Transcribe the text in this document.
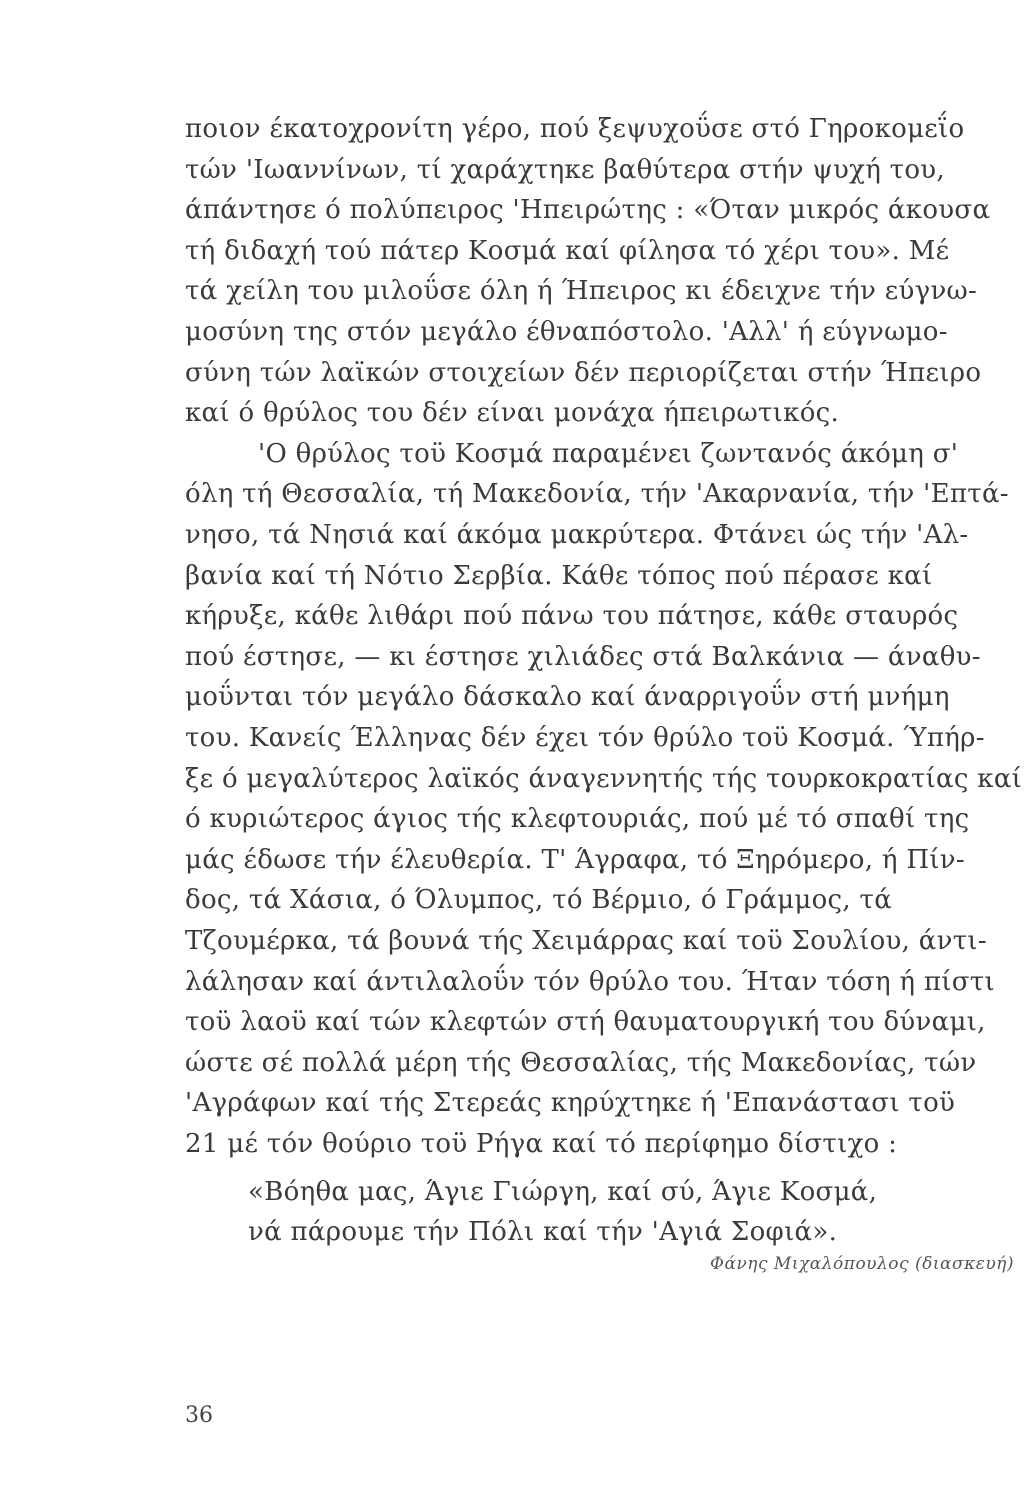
ποιον έκατοχρονίτη γέρο, πού ξεψυχοΰσε στό Γηροκομεΐο
τών 'Ιωαννίνων, τί χαράχτηκε βαθύτερα στήν ψυχή του,
άπάντησε ό πολύπειρος 'Ηπειρώτης : «Όταν μικρός άκουσα
τή διδαχή τού πάτερ Κοσμά καί φίλησα τό χέρι του». Μέ
τά χείλη του μιλοΰσε όλη ή Ήπειρος κι έδειχνε τήν εύγνω-
μοσύνη της στόν μεγάλο έθναπόστολο. 'Αλλ' ή εύγνωμο-
σύνη τών λαϊκών στοιχείων δέν περιορίζεται στήν Ήπειρο
καί ό θρύλος του δέν είναι μονάχα ήπειρωτικός.
'Ο θρύλος τοϋ Κοσμά παραμένει ζωντανός άκόμη σ'
όλη τή Θεσσαλία, τή Μακεδονία, τήν 'Ακαρνανία, τήν 'Επτά-
νησο, τά Νησιά καί άκόμα μακρύτερα. Φτάνει ώς τήν 'Αλ-
βανία καί τή Νότιο Σερβία. Κάθε τόπος πού πέρασε καί
κήρυξε, κάθε λιθάρι πού πάνω του πάτησε, κάθε σταυρός
πού έστησε, — κι έστησε χιλιάδες στά Βαλκάνια — άναθυ-
μοΰνται τόν μεγάλο δάσκαλο καί άναρριγοΰν στή μνήμη
του. Κανείς Έλληνας δέν έχει τόν θρύλο τοϋ Κοσμά. Ύπήρ-
ξε ό μεγαλύτερος λαϊκός άναγεννητής τής τουρκοκρατίας καί
ό κυριώτερος άγιος τής κλεφτουριάς, πού μέ τό σπαθί της
μάς έδωσε τήν έλευθερία. Τ' Άγραφα, τό Ξηρόμερο, ή Πίν-
δος, τά Χάσια, ό Όλυμπος, τό Βέρμιο, ό Γράμμος, τά
Τζουμέρκα, τά βουνά τής Χειμάρρας καί τοϋ Σουλίου, άντι-
λάλησαν καί άντιλαλοΰν τόν θρύλο του. Ήταν τόση ή πίστι
τοϋ λαοϋ καί τών κλεφτών στή θαυματουργική του δύναμι,
ώστε σέ πολλά μέρη τής Θεσσαλίας, τής Μακεδονίας, τών
'Αγράφων καί τής Στερεάς κηρύχτηκε ή 'Επανάστασι τοϋ
21 μέ τόν θούριο τοϋ Ρήγα καί τό περίφημο δίστιχο :
«Βόηθα μας, Άγιε Γιώργη, καί σύ, Άγιε Κοσμά,
νά πάρουμε τήν Πόλι καί τήν 'Αγιά Σοφιά».
Φάνης Μιχαλόπουλος (διασκευή)
36
